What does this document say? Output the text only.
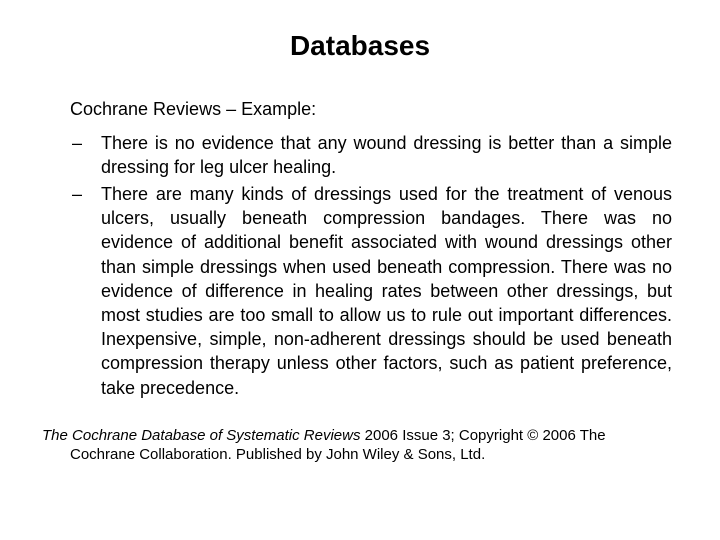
Databases
Cochrane Reviews – Example:
– There is no evidence that any wound dressing is better than a simple dressing for leg ulcer healing.
– There are many kinds of dressings used for the treatment of venous ulcers, usually beneath compression bandages. There was no evidence of additional benefit associated with wound dressings other than simple dressings when used beneath compression. There was no evidence of difference in healing rates between other dressings, but most studies are too small to allow us to rule out important differences. Inexpensive, simple, non-adherent dressings should be used beneath compression therapy unless other factors, such as patient preference, take precedence.
The Cochrane Database of Systematic Reviews 2006 Issue 3; Copyright © 2006 The
Cochrane Collaboration. Published by John Wiley & Sons, Ltd.
